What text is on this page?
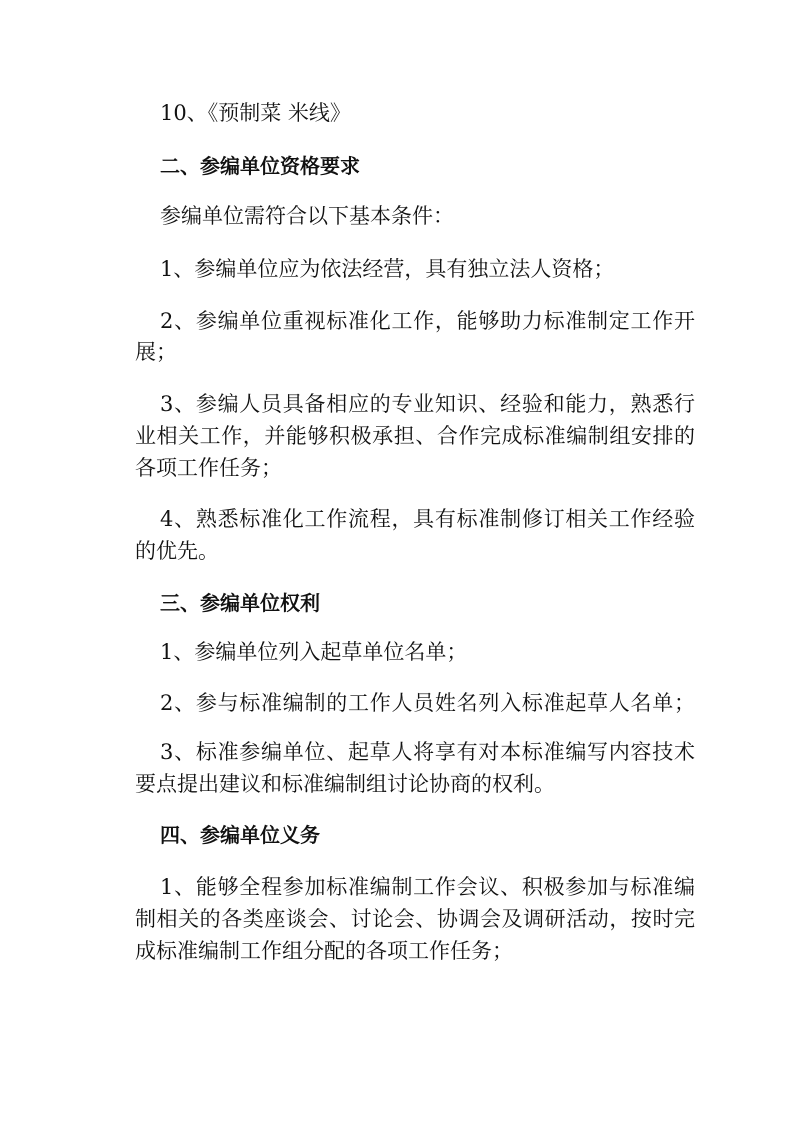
10、《预制菜 米线》
二、参编单位资格要求
参编单位需符合以下基本条件：
1、参编单位应为依法经营，具有独立法人资格；
2、参编单位重视标准化工作，能够助力标准制定工作开
展；
3、参编人员具备相应的专业知识、经验和能力，熟悉行
业相关工作，并能够积极承担、合作完成标准编制组安排的
各项工作任务；
4、熟悉标准化工作流程，具有标准制修订相关工作经验
的优先。
三、参编单位权利
1、参编单位列入起草单位名单；
2、参与标准编制的工作人员姓名列入标准起草人名单；
3、标准参编单位、起草人将享有对本标准编写内容技术
要点提出建议和标准编制组讨论协商的权利。
四、参编单位义务
1、能够全程参加标准编制工作会议、积极参加与标准编
制相关的各类座谈会、讨论会、协调会及调研活动，按时完
成标准编制工作组分配的各项工作任务；
